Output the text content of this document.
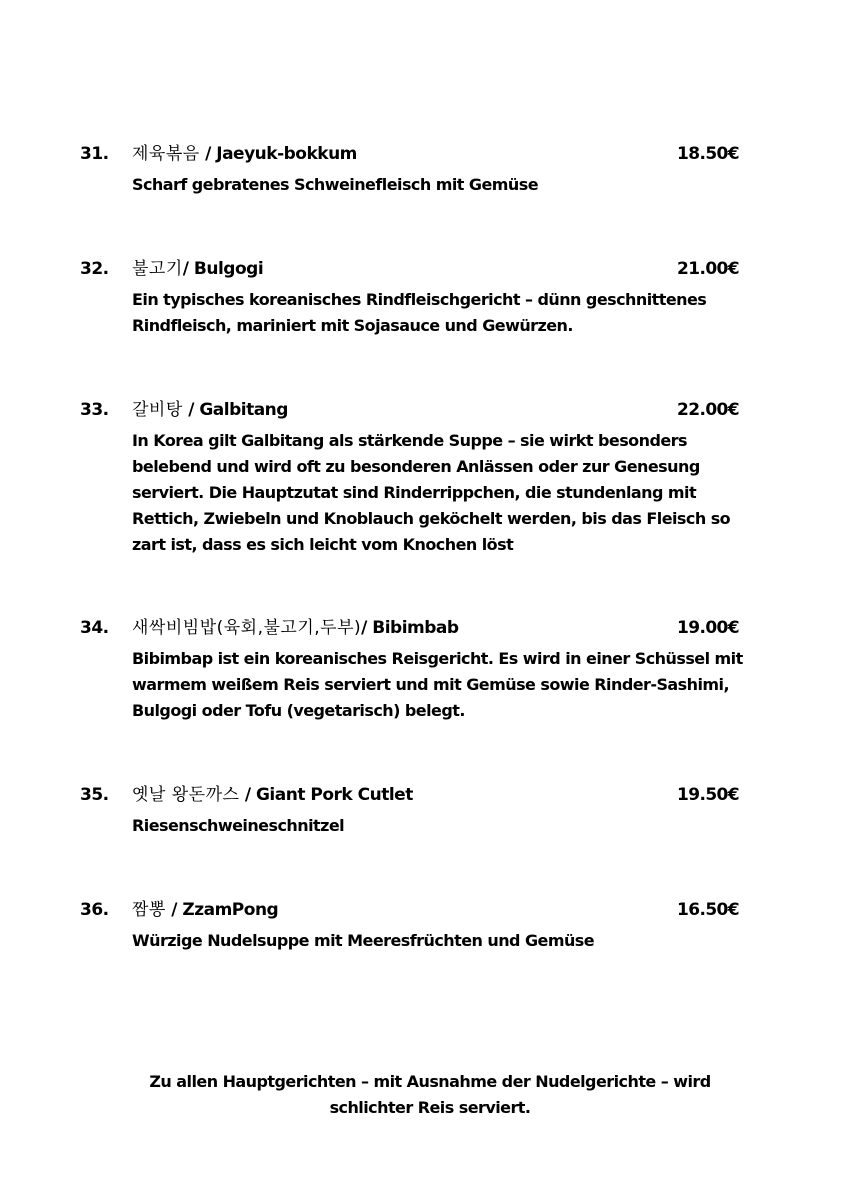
31. 제육볶음 / Jaeyuk-bokkum	18.50€
Scharf gebratenes Schweinefleisch mit Gemüse
32. 불고기/ Bulgogi	21.00€
Ein typisches koreanisches Rindfleischgericht – dünn geschnittenes Rindfleisch, mariniert mit Sojasauce und Gewürzen.
33. 갈비탕 / Galbitang	22.00€
In Korea gilt Galbitang als stärkende Suppe – sie wirkt besonders belebend und wird oft zu besonderen Anlässen oder zur Genesung serviert. Die Hauptzutat sind Rinderrippchen, die stundenlang mit Rettich, Zwiebeln und Knoblauch geköchelt werden, bis das Fleisch so zart ist, dass es sich leicht vom Knochen löst
34. 새싹비빔밥(육회,불고기,두부)/ Bibimbab	19.00€
Bibimbap ist ein koreanisches Reisgericht. Es wird in einer Schüssel mit warmem weißem Reis serviert und mit Gemüse sowie Rinder-Sashimi, Bulgogi oder Tofu (vegetarisch) belegt.
35. 옛날 왕돈까스 / Giant Pork Cutlet	19.50€
Riesenschweineschnitzel
36. 짬뽕 / ZzamPong	16.50€
Würzige Nudelsuppe mit Meeresfrüchten und Gemüse
Zu allen Hauptgerichten – mit Ausnahme der Nudelgerichte – wird schlichter Reis serviert.
